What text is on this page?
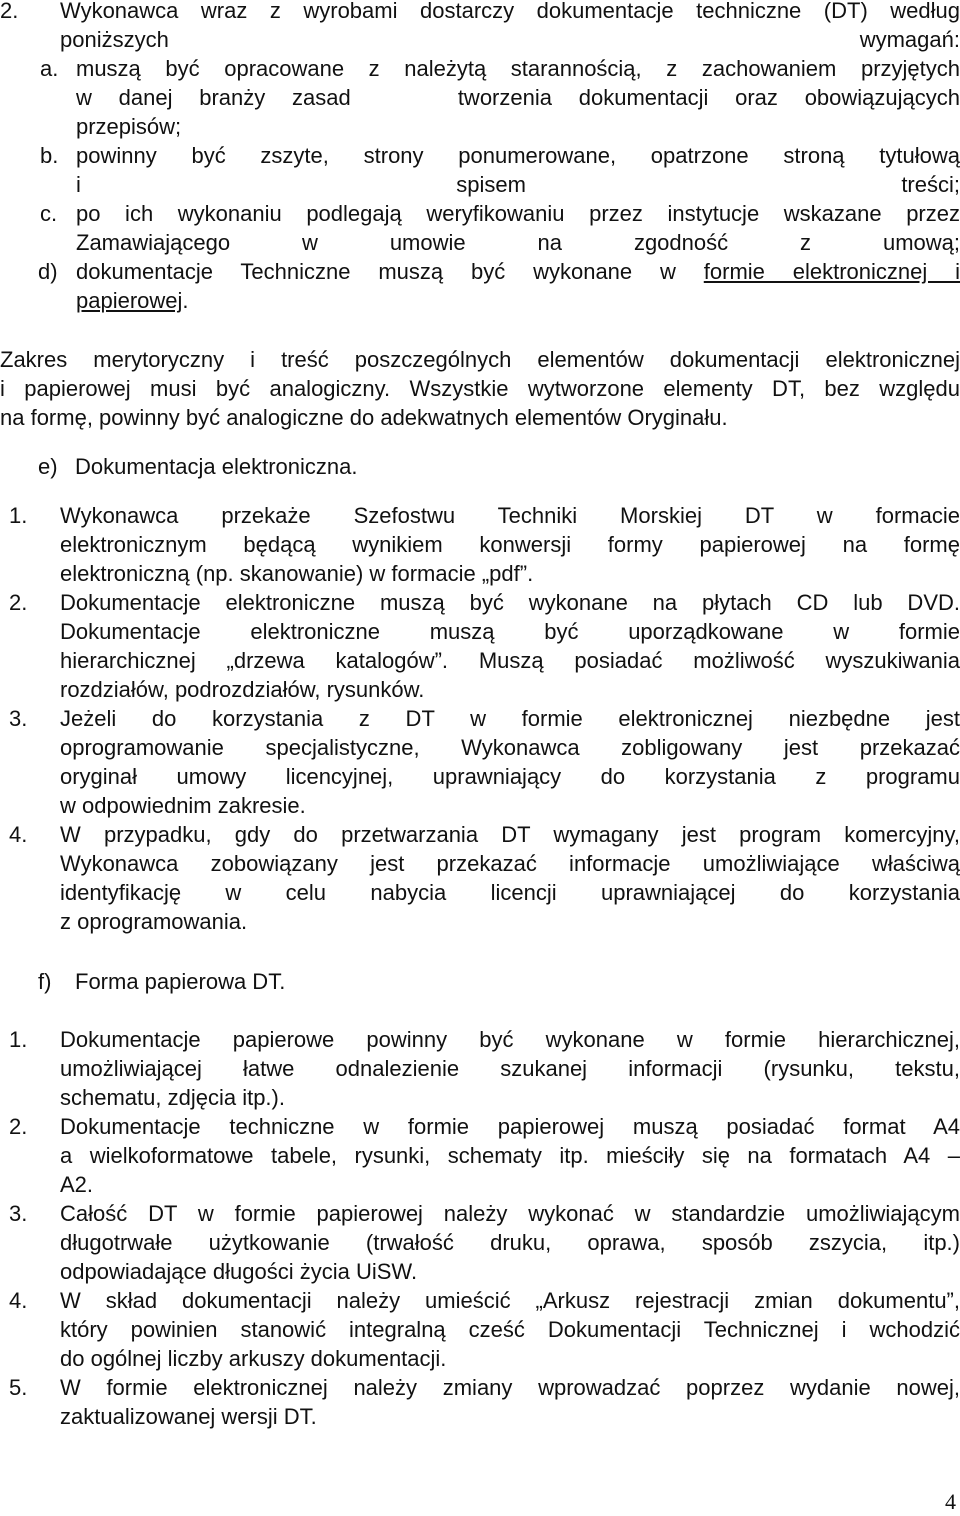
2. Wykonawca wraz z wyrobami dostarczy dokumentacje techniczne (DT) według
poniższych wymagań:
a. muszą być opracowane z należytą starannością, z zachowaniem przyjętych
w danej branży zasad    tworzenia dokumentacji oraz obowiązujących
przepisów;
b. powinny być zszyte, strony ponumerowane, opatrzone stroną tytułową
i spisem treści;
c. po ich wykonaniu podlegają weryfikowaniu przez instytucje wskazane przez
Zamawiającego w umowie na zgodność z umową;
d) dokumentacje Techniczne muszą być wykonane w formie elektronicznej i
papierowej.
Zakres merytoryczny i treść poszczególnych elementów dokumentacji elektronicznej
i papierowej musi być analogiczny. Wszystkie wytworzone elementy DT, bez względu
na formę, powinny być analogiczne do adekwatnych elementów Oryginału.
e) Dokumentacja elektroniczna.
1. Wykonawca przekaże Szefostwu Techniki Morskiej DT w formacie
elektronicznym będącą wynikiem konwersji formy papierowej na formę
elektroniczną (np. skanowanie) w formacie „pdf”.
2. Dokumentacje elektroniczne muszą być wykonane na płytach CD lub DVD.
Dokumentacje elektroniczne muszą być uporządkowane w formie
hierarchicznej „drzewa katalogów”. Muszą posiadać możliwość wyszukiwania
rozdziałów, podrozdziałów, rysunków.
3. Jeżeli do korzystania z DT w formie elektronicznej niezbędne jest
oprogramowanie specjalistyczne, Wykonawca zobligowany jest przekazać
oryginał umowy licencyjnej, uprawniający do korzystania z programu
w odpowiednim zakresie.
4. W przypadku, gdy do przetwarzania DT wymagany jest program komercyjny,
Wykonawca zobowiązany jest przekazać informacje umożliwiające właściwą
identyfikację w celu nabycia licencji uprawniającej do korzystania
z oprogramowania.
f) Forma papierowa DT.
1. Dokumentacje papierowe powinny być wykonane w formie hierarchicznej,
umożliwiającej łatwe odnalezienie szukanej informacji (rysunku, tekstu,
schematu, zdjęcia itp.).
2. Dokumentacje techniczne w formie papierowej muszą posiadać format A4
a wielkoformatowe tabele, rysunki, schematy itp. mieściły się na formatach A4 –
A2.
3. Całość DT w formie papierowej należy wykonać w standardzie umożliwiającym
długotrwałe użytkowanie (trwałość druku, oprawa, sposób zszycia, itp.)
odpowiadające długości życia UiSW.
4. W skład dokumentacji należy umieścić „Arkusz rejestracji zmian dokumentu”,
który powinien stanowić integralną cześć Dokumentacji Technicznej i wchodzić
do ogólnej liczby arkuszy dokumentacji.
5. W formie elektronicznej należy zmiany wprowadzać poprzez wydanie nowej,
zaktualizowanej wersji DT.
4
